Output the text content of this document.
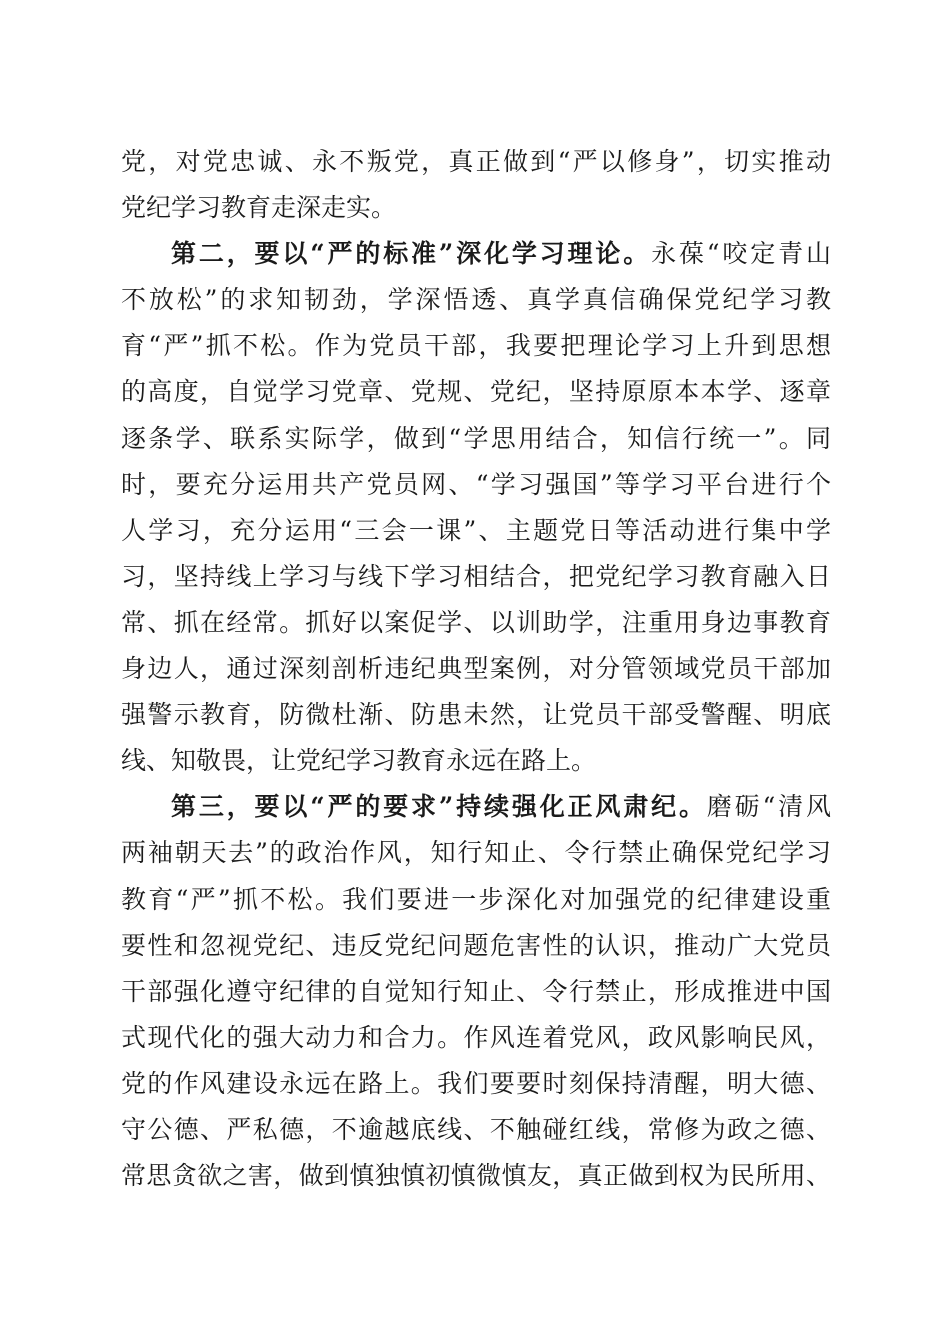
党，对党忠诚、永不叛党，真正做到“严以修身”，切实推动
党纪学习教育走深走实。
第二，要以“严的标准”深化学习理论。永葆“咬定青山
不放松”的求知韧劲，学深悟透、真学真信确保党纪学习教
育“严”抓不松。作为党员干部，我要把理论学习上升到思想
的高度，自觉学习党章、党规、党纪，坚持原原本本学、逐章
逐条学、联系实际学，做到“学思用结合，知信行统一”。同
时，要充分运用共产党员网、“学习强国”等学习平台进行个
人学习，充分运用“三会一课”、主题党日等活动进行集中学
习，坚持线上学习与线下学习相结合，把党纪学习教育融入日
常、抓在经常。抓好以案促学、以训助学，注重用身边事教育
身边人，通过深刻剖析违纪典型案例，对分管领域党员干部加
强警示教育，防微杜渐、防患未然，让党员干部受警醒、明底
线、知敬畏，让党纪学习教育永远在路上。
第三，要以“严的要求”持续强化正风肃纪。磨砺“清风
两袖朝天去”的政治作风，知行知止、令行禁止确保党纪学习
教育“严”抓不松。我们要进一步深化对加强党的纪律建设重
要性和忽视党纪、违反党纪问题危害性的认识，推动广大党员
干部强化遵守纪律的自觉知行知止、令行禁止，形成推进中国
式现代化的强大动力和合力。作风连着党风，政风影响民风，
党的作风建设永远在路上。我们要要时刻保持清醒，明大德、
守公德、严私德，不逾越底线、不触碰红线，常修为政之德、
常思贪欲之害，做到慎独慎初慎微慎友，真正做到权为民所用、
